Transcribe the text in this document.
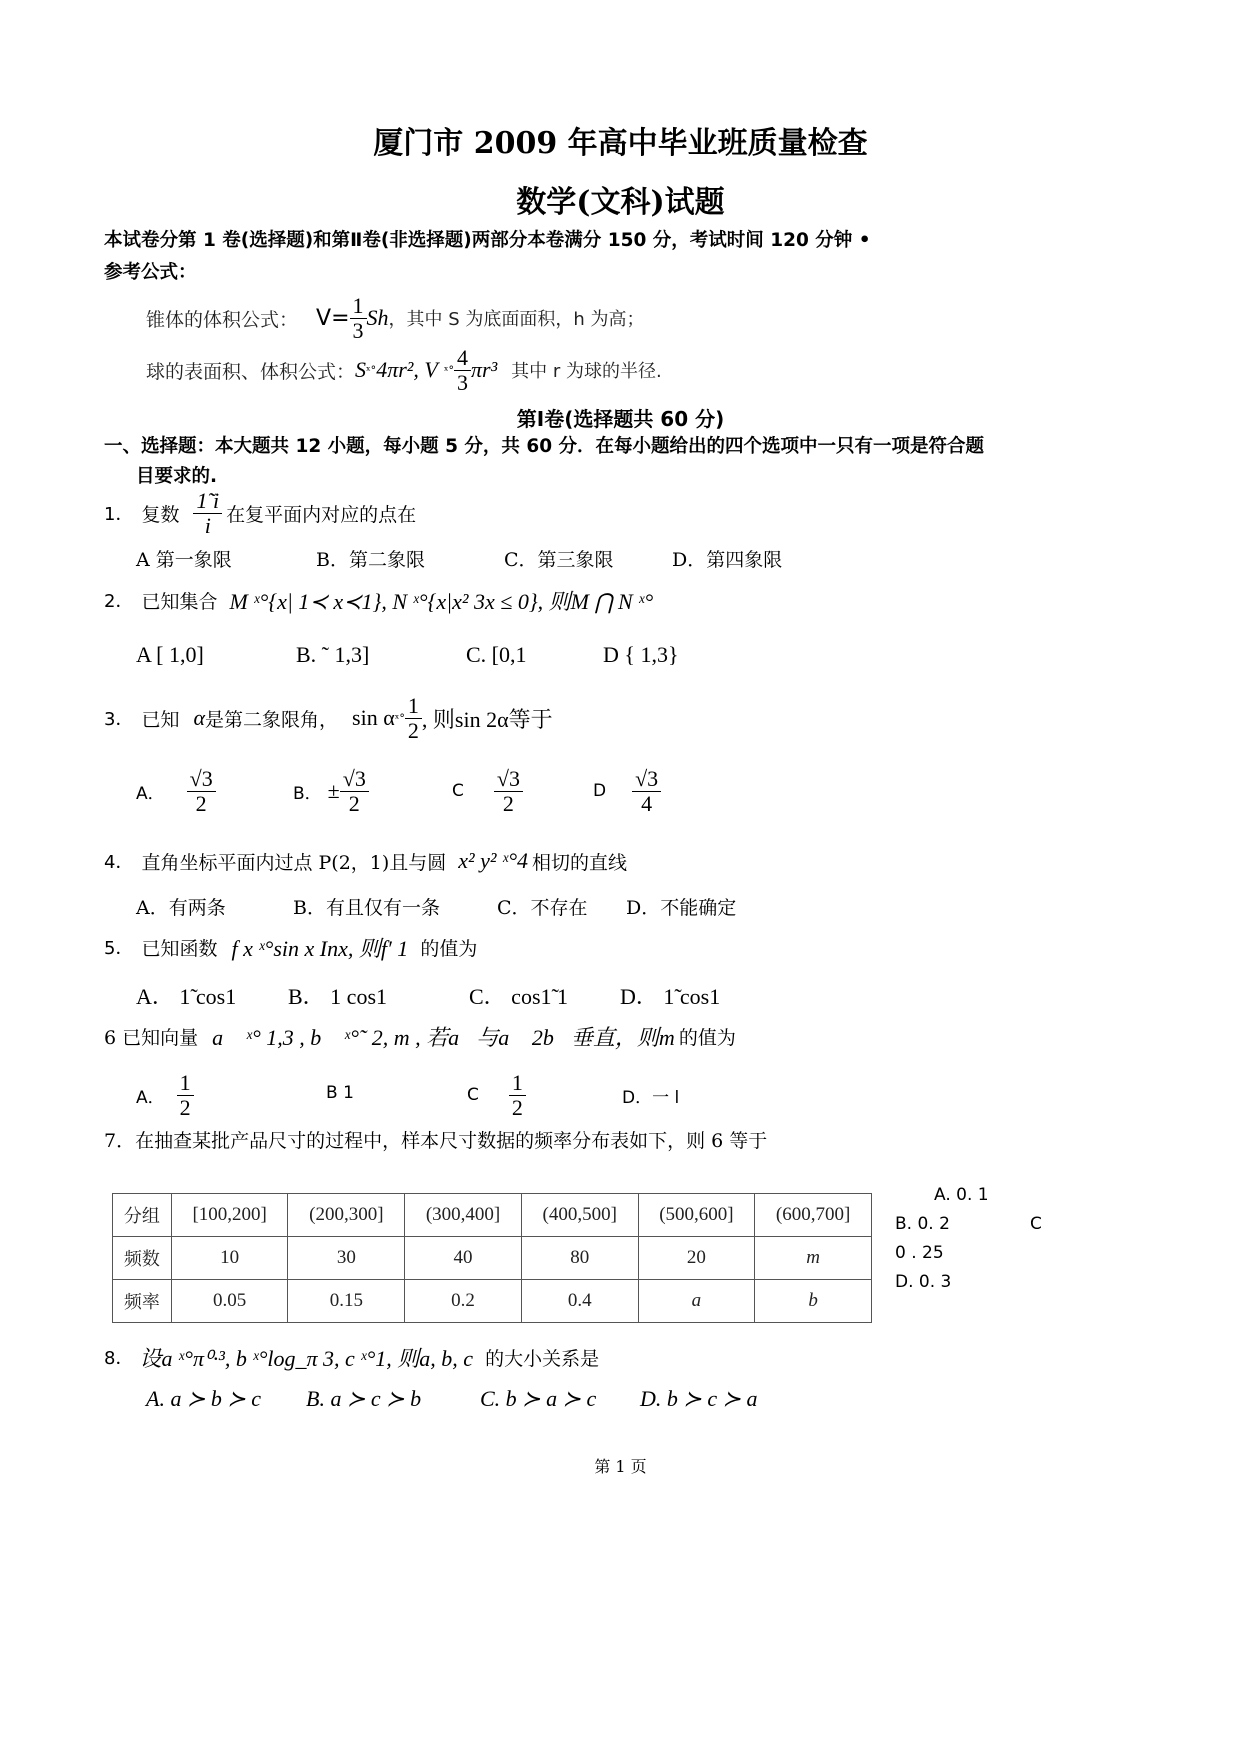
厦门市 2009 年高中毕业班质量检查
数学(文科)试题
本试卷分第 1 卷(选择题)和第Ⅱ卷(非选择题)两部分本卷满分 150 分，考试时间 120 分钟 •
参考公式：
锥体的体积公式： $V= \frac{1}{3}$ Sh ，其中 S 为底面面积，h 为高；
球的表面积、体积公式： S ˣ° 4πr², V ˣ° $\frac{4}{3} \pi r^3$ 其中 r 为球的半径.
第Ⅰ卷(选择题共 60 分)
一、选择题：本大题共 12 小题，每小题 5 分，共 60 分．在每小题给出的四个选项中一只有一项是符合题
目要求的.
1． 复数 $\frac{1̃ i}{i}$ 在复平面内对应的点在
A 第一象限	B．第二象限	C．第三象限	D．第四象限
2． 已知集合 M ˣ°{x| 1≺ x≺1}, N ˣ°{x|x² 3x ≤ 0}, 则M ⋂ N ˣ°
A [ 1,0]	B. ˜ 1,3]	C. [0,1	D { 1,3}
3． 已知 α 是第二象限角， sin α ˣ° $\frac{1}{2}$ , 则sin 2α等于
A． $\frac{√3}{2}$	B． ± $\frac{√3}{2}$	C $\frac{√3}{2}$	D $\frac{√3}{4}$
4． 直角坐标平面内过点 P(2，1)且与圆 x² y² ˣ°4 相切的直线
A．有两条	B．有且仅有一条	C．不存在 D．不能确定
5． 已知函数 f x ˣ°sin x Inx, 则f′ 1 的值为
A． 1̃ cos1 B． 1 cos1	C． cos1̃ 1 D． 1̃ cos1
6 已知向量 a⃗ ˣ° 1,3 , b⃗ ˣ°˜ 2, m , 若a⃗与a⃗ 2b⃗垂直，则m 的值为
A． $\frac{1}{2}$	B 1	C $\frac{1}{2}$	D．一 l
7．在抽查某批产品尺寸的过程中，样本尺寸数据的频率分布表如下，则 6 等于
分组	[100,200]	(200,300]	(300,400]	(400,500]	(500,600]	(600,700]
频数	10	30	40	80	20	m
频率	0.05	0.15	0.2	0.4	a	b
A. 0. 1
B. 0. 2	C
0 . 25
D. 0. 3
8． 设a ˣ°π⁰·³, b ˣ°log_π 3, c ˣ°1, 则a, b, c 的大小关系是
A. a ≻ b ≻ c B. a ≻ c ≻ b	C. b ≻ a ≻ c D. b ≻ c ≻ a
第 1 页
